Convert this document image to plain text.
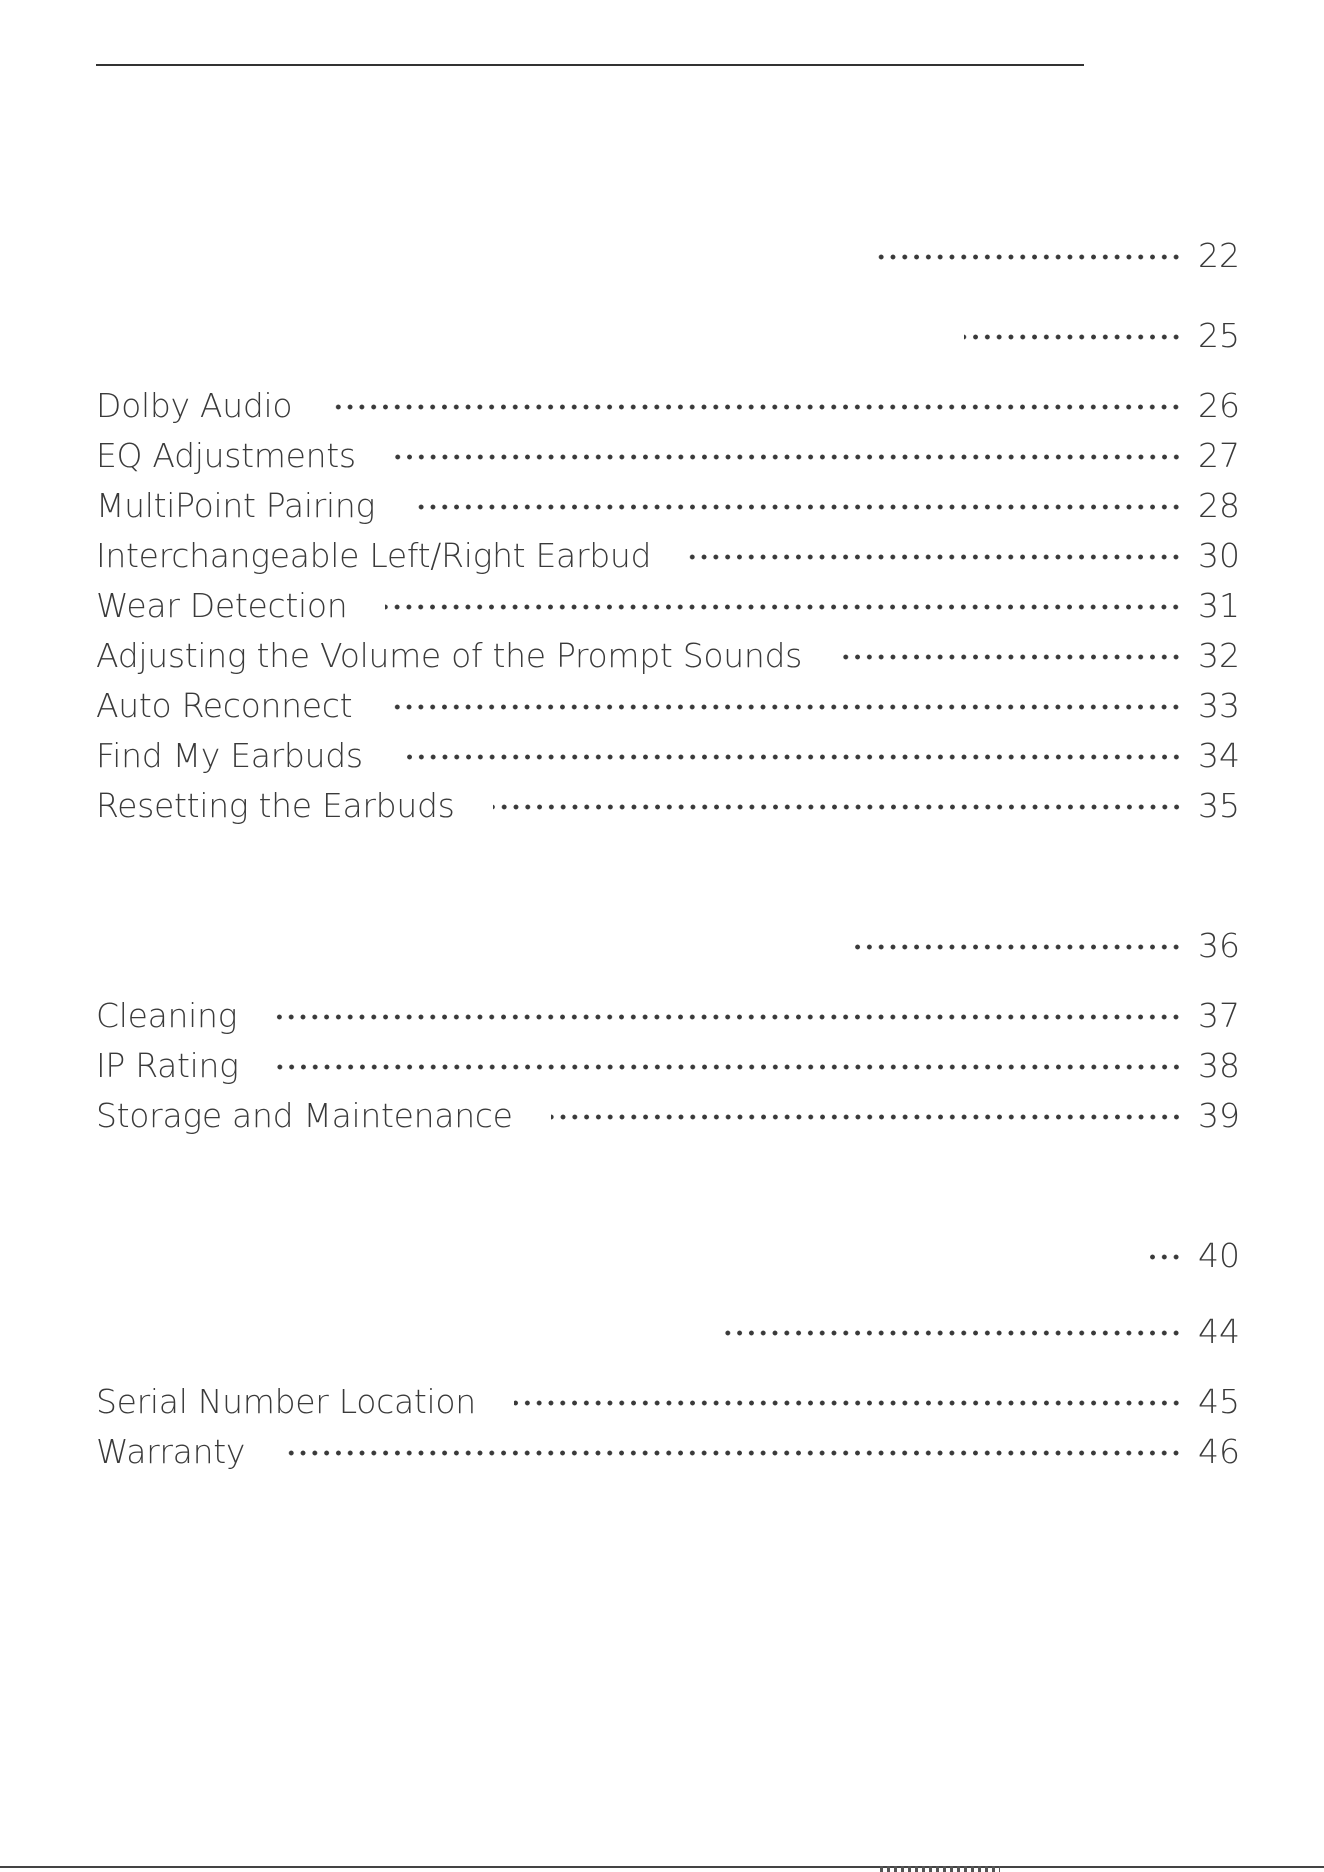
22
25
Dolby Audio	26
EQ Adjustments	27
MultiPoint Pairing	28
Interchangeable Left/Right Earbud	30
Wear Detection	31
Adjusting the Volume of the Prompt Sounds	32
Auto Reconnect	33
Find My Earbuds	34
Resetting the Earbuds	35
36
Cleaning	37
IP Rating	38
Storage and Maintenance	39
40
44
Serial Number Location	45
Warranty	46
